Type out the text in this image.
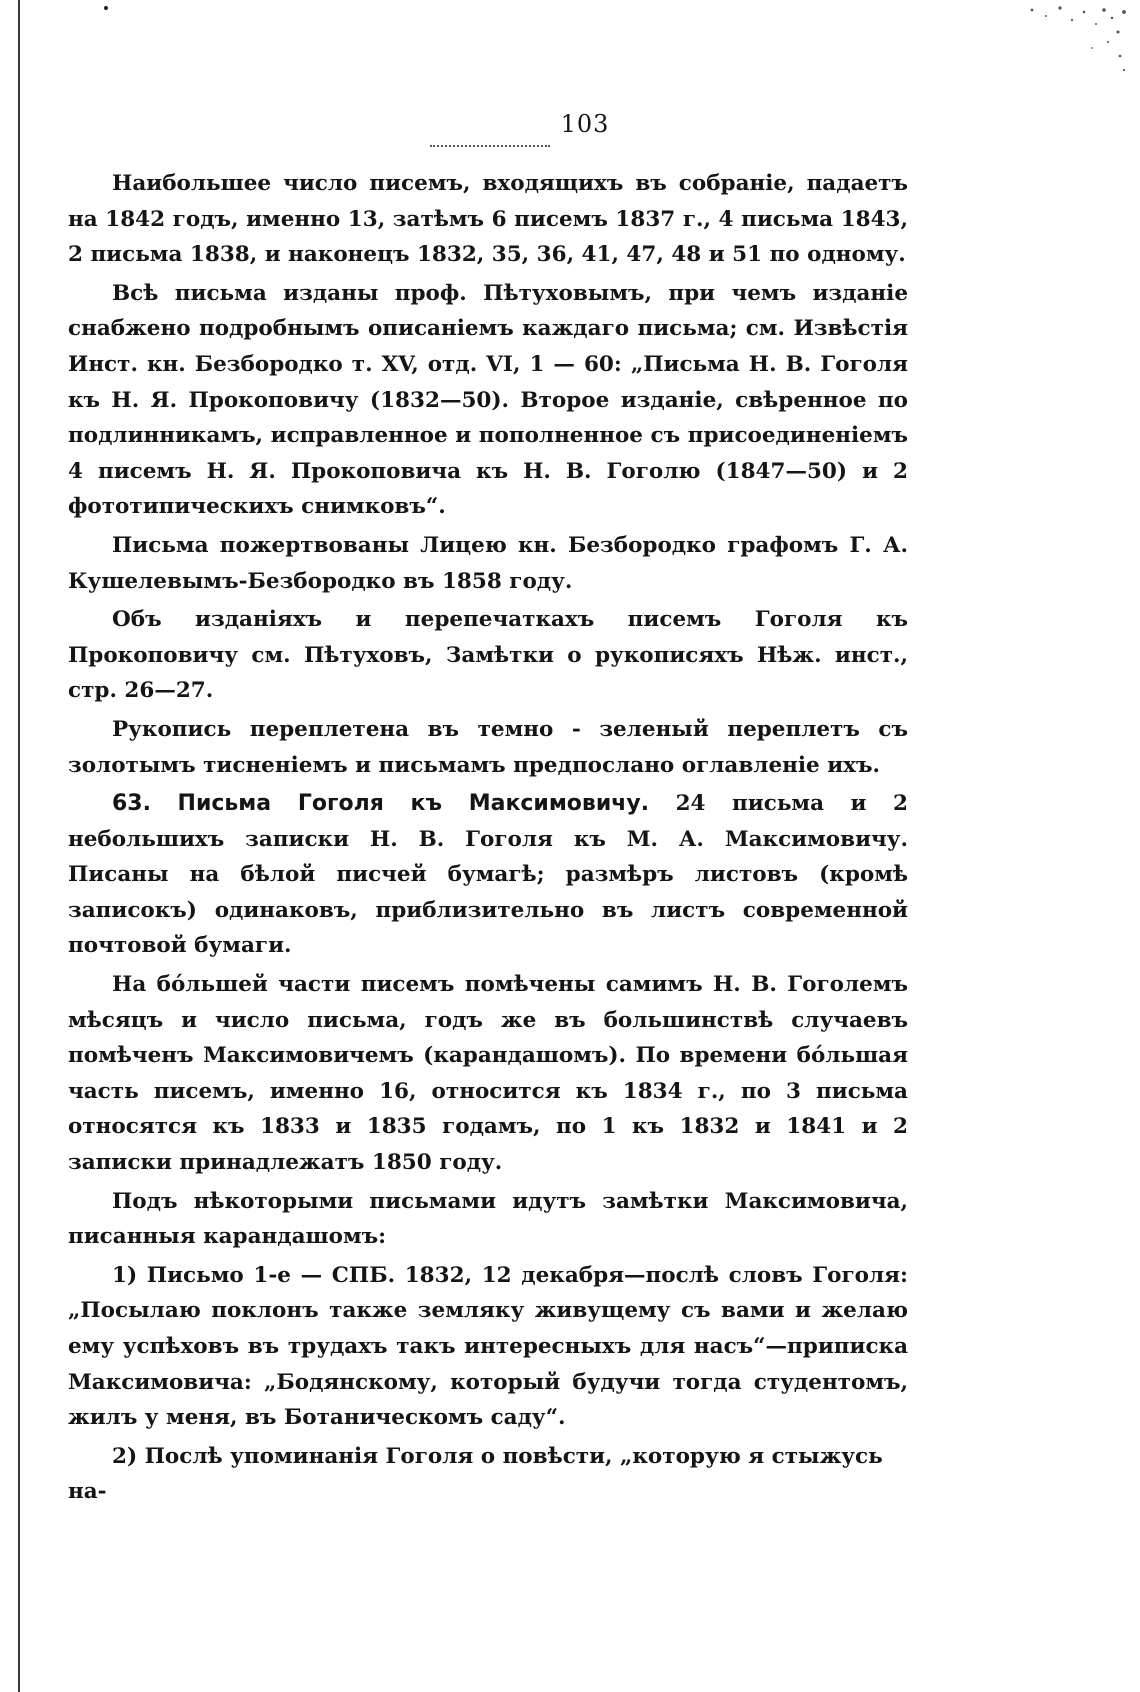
103

Наибольшее число писемъ, входящихъ въ собраніе, падаетъ на 1842 годъ, именно 13, затѣмъ 6 писемъ 1837 г., 4 письма 1843, 2 письма 1838, и наконецъ 1832, 35, 36, 41, 47, 48 и 51 по одному.

Всѣ письма изданы проф. Пѣтуховымъ, при чемъ изданіе снабжено подробнымъ описаніемъ каждаго письма; см. Извѣстія Инст. кн. Безбородко т. XV, отд. VI, 1 — 60: „Письма Н. В. Гоголя къ Н. Я. Прокоповичу (1832—50). Второе изданіе, свѣренное по подлинникамъ, исправленное и пополненное съ присоединеніемъ 4 писемъ Н. Я. Прокоповича къ Н. В. Гоголю (1847—50) и 2 фототипическихъ снимковъ“.

Письма пожертвованы Лицею кн. Безбородко графомъ Г. А. Кушелевымъ-Безбородко въ 1858 году.

Объ изданіяхъ и перепечаткахъ писемъ Гоголя къ Прокоповичу см. Пѣтуховъ, Замѣтки о рукописяхъ Нѣж. инст., стр. 26—27.

Рукопись переплетена въ темно - зеленый переплетъ съ золотымъ тисненіемъ и письмамъ предпослано оглавленіе ихъ.

63. Письма Гоголя къ Максимовичу. 24 письма и 2 небольшихъ записки Н. В. Гоголя къ М. А. Максимовичу. Писаны на бѣлой писчей бумагѣ; размѣръ листовъ (кромѣ записокъ) одинаковъ, приблизительно въ листъ современной почтовой бумаги.

На бóльшей части писемъ помѣчены самимъ Н. В. Гоголемъ мѣсяцъ и число письма, годъ же въ большинствѣ случаевъ помѣченъ Максимовичемъ (карандашомъ). По времени бóльшая часть писемъ, именно 16, относится къ 1834 г., по 3 письма относятся къ 1833 и 1835 годамъ, по 1 къ 1832 и 1841 и 2 записки принадлежатъ 1850 году.

Подъ нѣкоторыми письмами идутъ замѣтки Максимовича, писанныя карандашомъ:

1) Письмо 1-е — СПБ. 1832, 12 декабря—послѣ словъ Гоголя: „Посылаю поклонъ также земляку живущему съ вами и желаю ему успѣховъ въ трудахъ такъ интересныхъ для насъ“—приписка Максимовича: „Бодянскому, который будучи тогда студентомъ, жилъ у меня, въ Ботаническомъ саду“.

2) Послѣ упоминанія Гоголя о повѣсти, „которую я стыжусь на-
